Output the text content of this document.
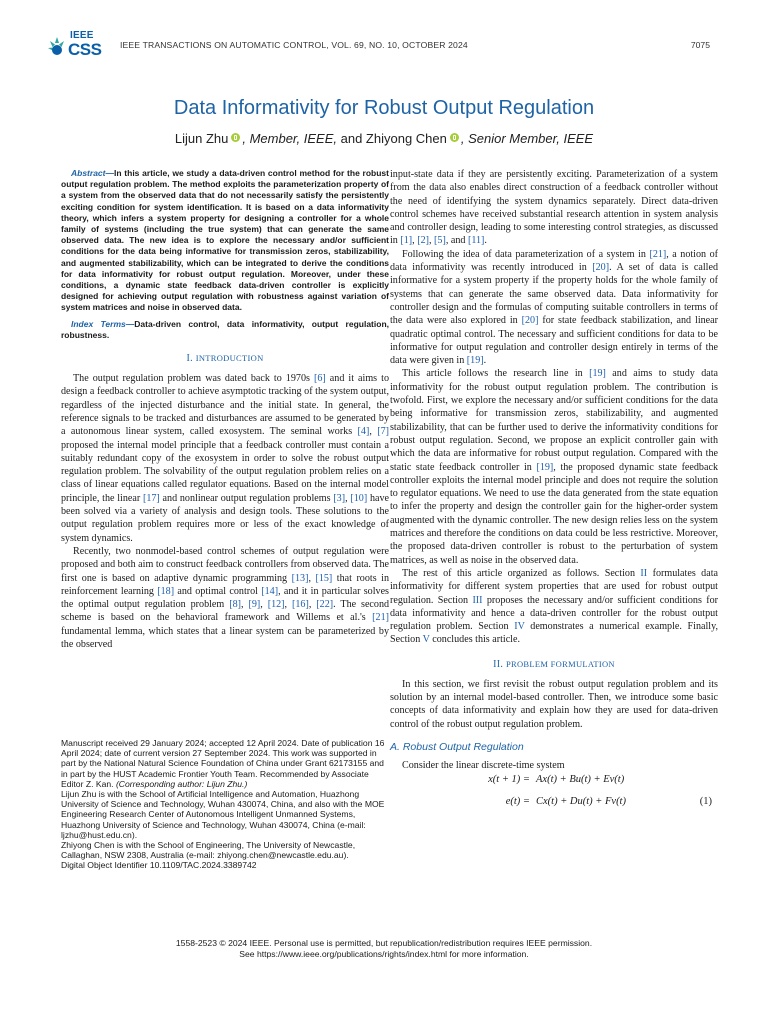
IEEE
CSS IEEE TRANSACTIONS ON AUTOMATIC CONTROL, VOL. 69, NO. 10, OCTOBER 2024	7075
Data Informativity for Robust Output Regulation
Lijun Zhu , Member, IEEE, and Zhiyong Chen , Senior Member, IEEE

Abstract—In this article, we study a data-driven control method for the robust output regulation problem. The method exploits the parameterization property of a system from the observed data that do not necessarily satisfy the persistently exciting condition for system identification. It is based on a data informativity theory, which infers a system property for designing a controller for a whole family of systems (including the true system) that can generate the same observed data. The new idea is to explore the necessary and/or sufficient conditions for the data being informative for transmission zeros, stabilizability, and augmented stabilizability, which can be integrated to derive the conditions for data informativity for robust output regulation. Moreover, under these conditions, a dynamic state feedback data-driven controller is explicitly designed for achieving output regulation with robustness against variation of system matrices and noise in observed data.

Index Terms—Data-driven control, data informativity, output regulation, robustness.

I. INTRODUCTION

The output regulation problem was dated back to 1970s [6] and it aims to design a feedback controller to achieve asymptotic tracking of the system output, regardless of the injected disturbance and the initial state. In general, the reference signals to be tracked and disturbances are assumed to be generated by a autonomous linear system, called exosystem. The seminal works [4], [7] proposed the internal model principle that a feedback controller must contain a suitably redundant copy of the exosystem in order to solve the robust output regulation problem. The solvability of the output regulation problem relies on a class of linear equations called regulator equations. Based on the internal model principle, the linear [17] and nonlinear output regulation problems [3], [10] have been solved via a variety of analysis and design tools. These solutions to the output regulation problem requires more or less of the exact knowledge of system dynamics.

Recently, two nonmodel-based control schemes of output regulation were proposed and both aim to construct feedback controllers from observed data. The first one is based on adaptive dynamic programming [13], [15] that roots in reinforcement learning [18] and optimal control [14], and it in particular solves the optimal output regulation problem [8], [9], [12], [16], [22]. The second scheme is based on the behavioral framework and Willems et al.'s [21] fundamental lemma, which states that a linear system can be parameterized by the observed

Manuscript received 29 January 2024; accepted 12 April 2024. Date of publication 16 April 2024; date of current version 27 September 2024. This work was supported in part by the National Natural Science Foundation of China under Grant 62173155 and in part by the HUST Academic Frontier Youth Team. Recommended by Associate Editor Z. Kan. (Corresponding author: Lijun Zhu.)

Lijun Zhu is with the School of Artificial Intelligence and Automation, Huazhong University of Science and Technology, Wuhan 430074, China, and also with the MOE Engineering Research Center of Autonomous Intelligent Unmanned Systems, Huazhong University of Science and Technology, Wuhan 430074, China (e-mail: ljzhu@hust.edu.cn).

Zhiyong Chen is with the School of Engineering, The University of Newcastle, Callaghan, NSW 2308, Australia (e-mail: zhiyong.chen@newcastle.edu.au).

Digital Object Identifier 10.1109/TAC.2024.3389742

input-state data if they are persistently exciting. Parameterization of a system from the data also enables direct construction of a feedback controller without the need of identifying the system dynamics separately. Direct data-driven control schemes have received substantial research attention in system analysis and controller design, leading to some interesting control strategies, as discussed in [1], [2], [5], and [11].

Following the idea of data parameterization of a system in [21], a notion of data informativity was recently introduced in [20]. A set of data is called informative for a system property if the property holds for the whole family of systems that can generate the same observed data. Data informativity for controller design and the formulas of computing suitable controllers in terms of the data were also explored in [20] for state feedback stabilization, and linear quadratic optimal control. The necessary and sufficient conditions for data to be informative for output regulation and controller design entirely in terms of the data were given in [19].

This article follows the research line in [19] and aims to study data informativity for the robust output regulation problem. The contribution is twofold. First, we explore the necessary and/or sufficient conditions for the data being informative for transmission zeros, stabilizability, and augmented stabilizability, that can be further used to derive the informativity conditions for robust output regulation. Second, we propose an explicit controller gain with which the data are informative for robust output regulation. Compared with the static state feedback controller in [19], the proposed dynamic state feedback controller exploits the internal model principle and does not require the solution to regulator equations. We need to use the data generated from the state equation to infer the property and design the controller gain for the higher-order system augmented with the dynamic controller. The new design relies less on the system matrices and therefore the conditions on data could be less restrictive. Moreover, the proposed data-driven controller is robust to the perturbation of system matrices, as well as noise in the observed data.

The rest of this article organized as follows. Section II formulates data informativity for different system properties that are used for robust output regulation. Section III proposes the necessary and/or sufficient conditions for data informativity and hence a data-driven controller for the robust output regulation problem. Section IV demonstrates a numerical example. Finally, Section V concludes this article.

II. PROBLEM FORMULATION

In this section, we first revisit the robust output regulation problem and its solution by an internal model-based controller. Then, we introduce some basic concepts of data informativity and explain how they are used for data-driven control of the robust output regulation problem.

A. Robust Output Regulation

Consider the linear discrete-time system

x(t + 1) = Ax(t) + Bu(t) + Ev(t)
e(t) = Cx(t) + Du(t) + Fv(t)	(1)
1558-2523 © 2024 IEEE. Personal use is permitted, but republication/redistribution requires IEEE permission.
See https://www.ieee.org/publications/rights/index.html for more information.
